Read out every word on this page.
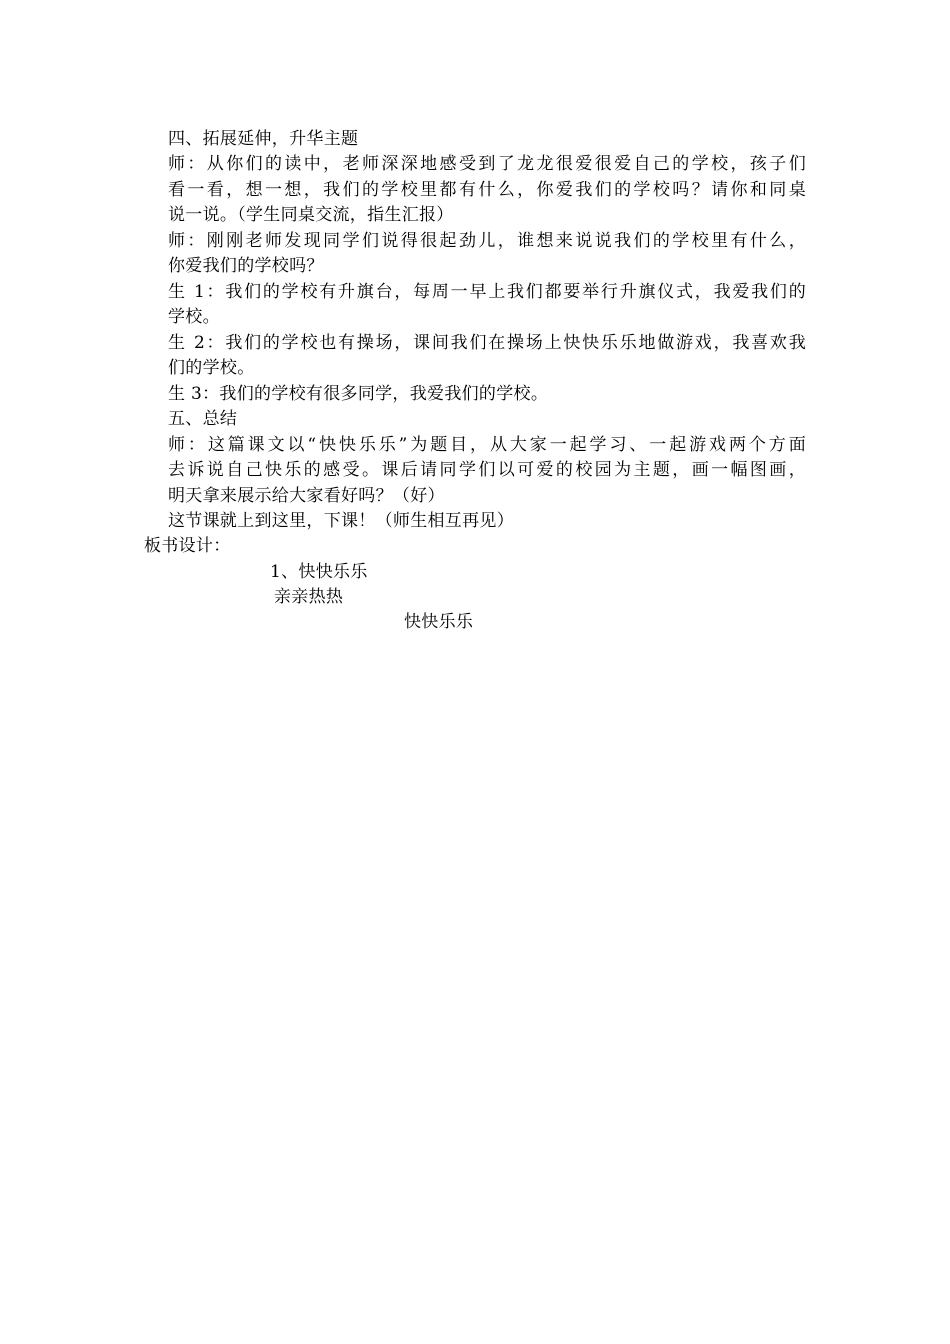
四、拓展延伸，升华主题
师：从你们的读中，老师深深地感受到了龙龙很爱很爱自己的学校，孩子们
看一看，想一想，我们的学校里都有什么，你爱我们的学校吗？请你和同桌
说一说。（学生同桌交流，指生汇报）
师：刚刚老师发现同学们说得很起劲儿，谁想来说说我们的学校里有什么，
你爱我们的学校吗？
生 1：我们的学校有升旗台，每周一早上我们都要举行升旗仪式，我爱我们的
学校。
生 2：我们的学校也有操场，课间我们在操场上快快乐乐地做游戏，我喜欢我
们的学校。
生 3：我们的学校有很多同学，我爱我们的学校。
五、总结
师：这篇课文以“快快乐乐”为题目，从大家一起学习、一起游戏两个方面
去诉说自己快乐的感受。课后请同学们以可爱的校园为主题，画一幅图画，
明天拿来展示给大家看好吗？（好）
这节课就上到这里，下课！（师生相互再见）
板书设计：
1、快快乐乐
亲亲热热
快快乐乐
